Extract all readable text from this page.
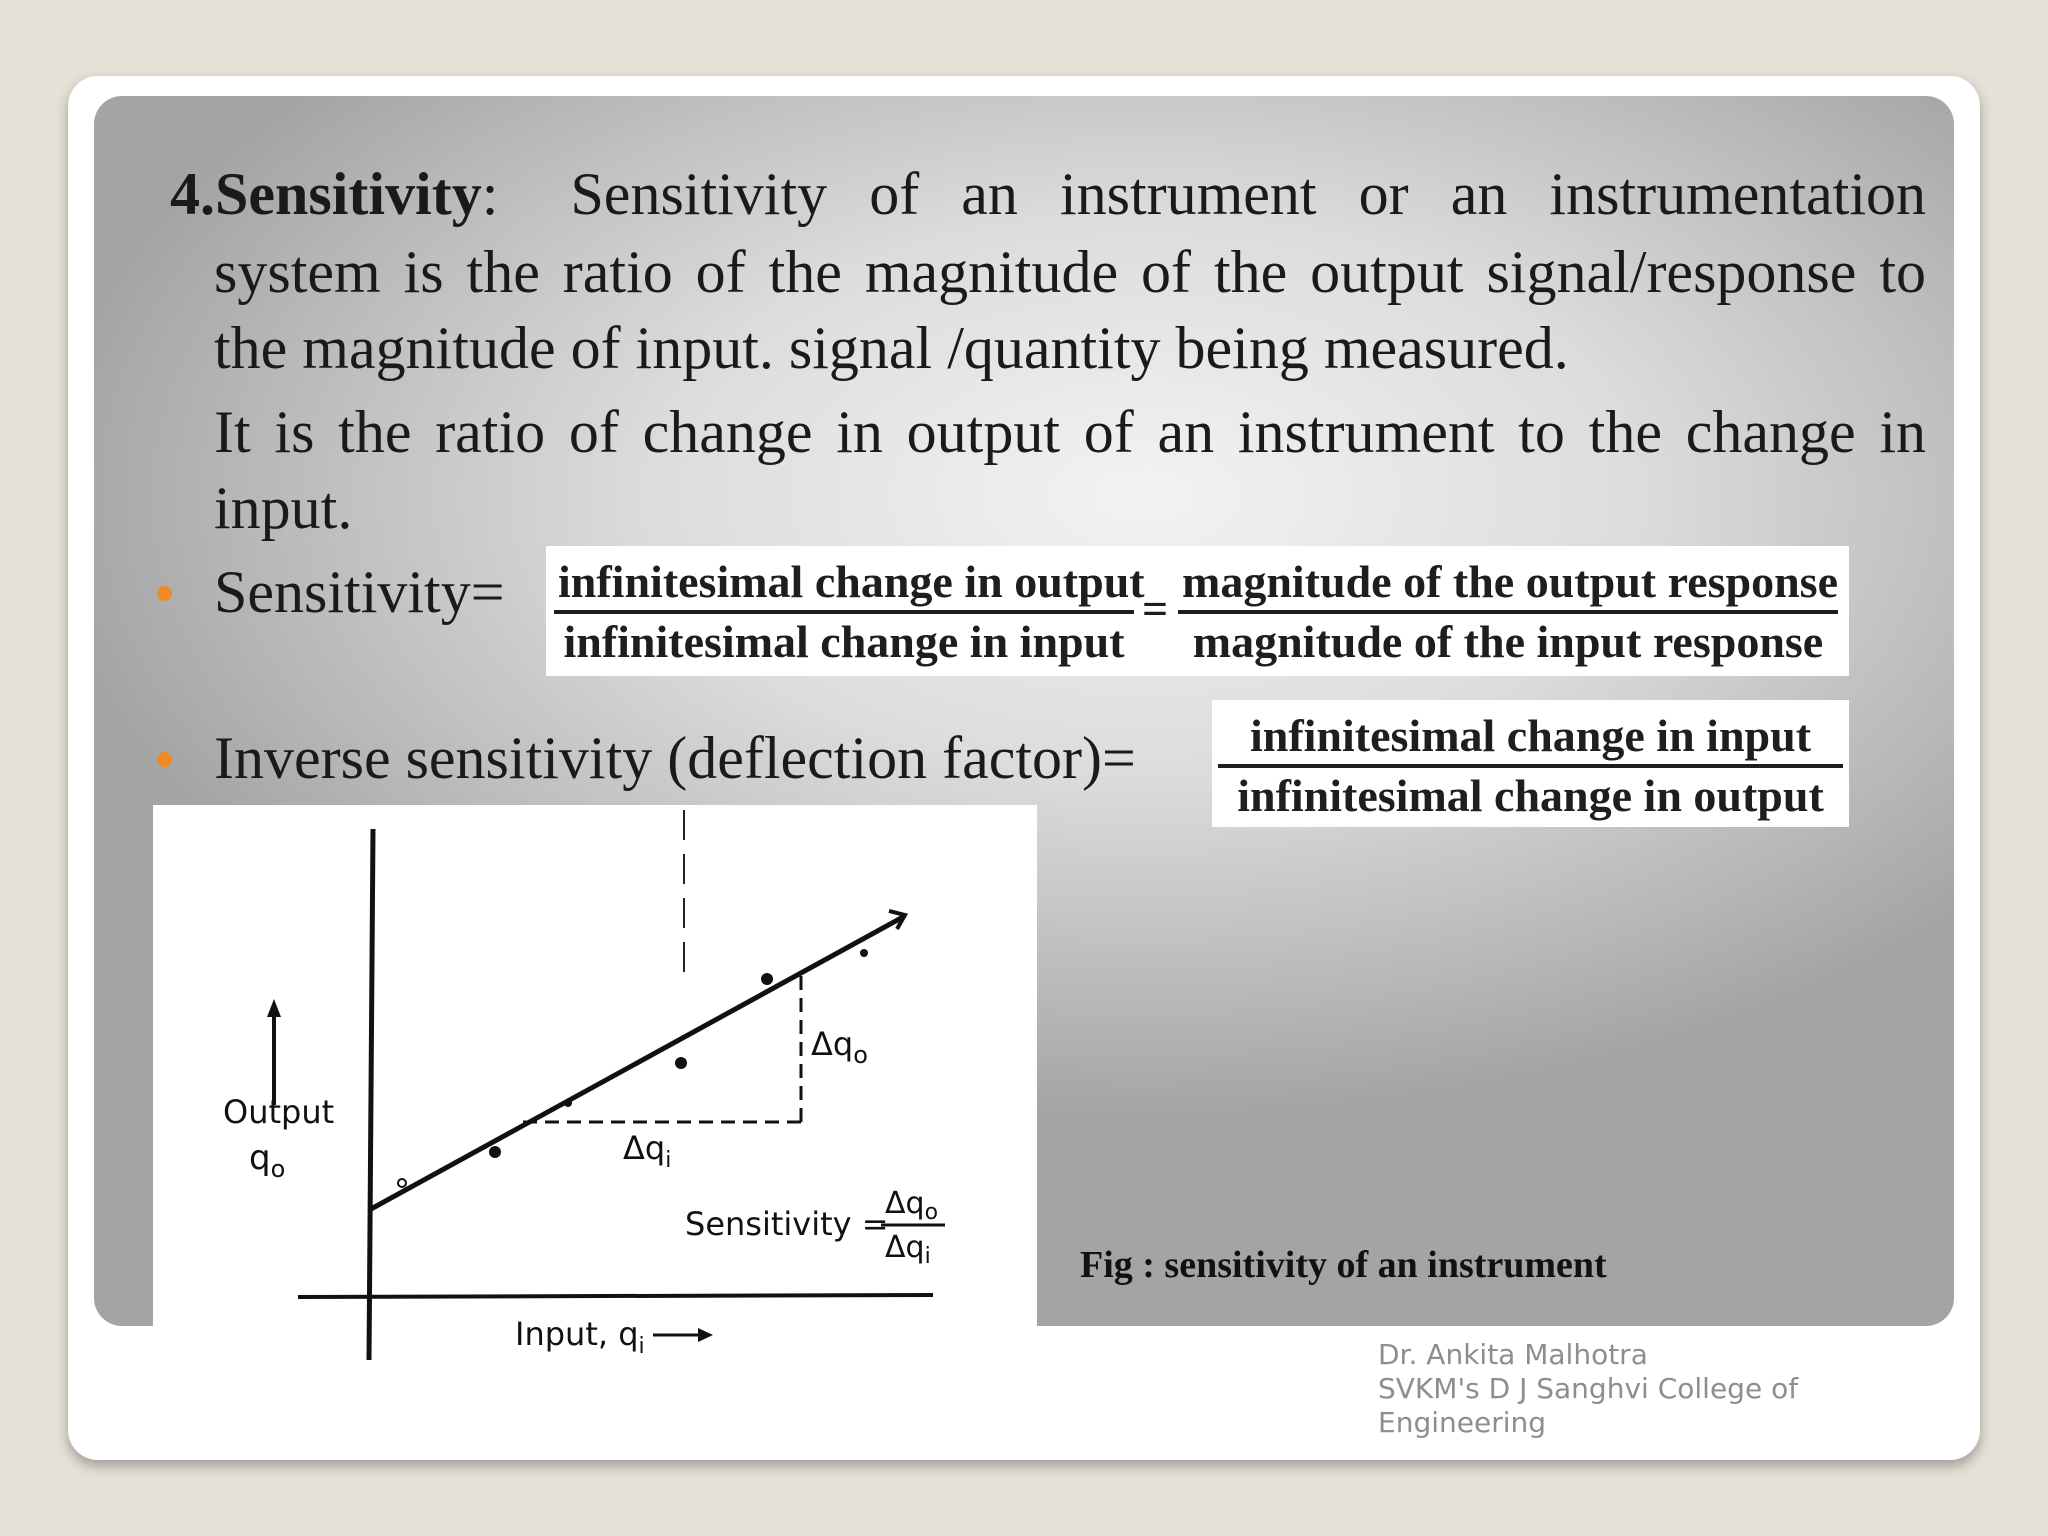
4.Sensitivity: Sensitivity of an instrument or an instrumentation
system is the ratio of the magnitude of the output signal/response to
the magnitude of input. signal /quantity being measured.
It is the ratio of change in output of an instrument to the change in
input.
Sensitivity= infinitesimal change in output
infinitesimal change in input
=
magnitude of the output response
magnitude of the input response
Inverse sensitivity (deflection factor)=	infinitesimal change in input
infinitesimal change in output
Output
$q_o$
Input, $q_i$
$\Delta q_o$
$\Delta q_i$
Sensitivity =
$\Delta q_o$
$\Delta q_i$	Fig : sensitivity of an instrument
Dr. Ankita Malhotra
SVKM's D J Sanghvi College of
Engineering
